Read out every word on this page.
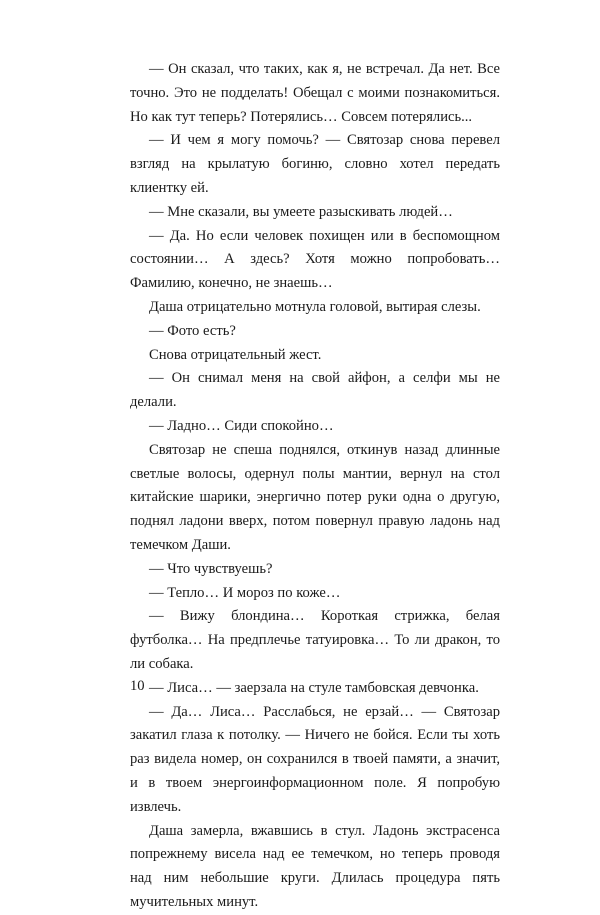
— Он сказал, что таких, как я, не встречал. Да нет. Все точно. Это не подделать! Обещал с моими познакомиться. Но как тут теперь? Потерялись… Совсем потерялись...

— И чем я могу помочь? — Святозар снова перевел взгляд на крылатую богиню, словно хотел передать клиентку ей.

— Мне сказали, вы умеете разыскивать людей…

— Да. Но если человек похищен или в беспомощном состоянии… А здесь? Хотя можно попробовать… Фамилию, конечно, не знаешь…

Даша отрицательно мотнула головой, вытирая слезы.

— Фото есть?

Снова отрицательный жест.

— Он снимал меня на свой айфон, а селфи мы не делали.

— Ладно… Сиди спокойно…

Святозар не спеша поднялся, откинув назад длинные светлые волосы, одернул полы мантии, вернул на стол китайские шарики, энергично потер руки одна о другую, поднял ладони вверх, потом повернул правую ладонь над темечком Даши.

— Что чувствуешь?

— Тепло… И мороз по коже…

— Вижу блондина… Короткая стрижка, белая футболка… На предплечье татуировка… То ли дракон, то ли собака.

— Лиса… — заерзала на стуле тамбовская девчонка.

— Да… Лиса… Расслабься, не ерзай… — Святозар закатил глаза к потолку. — Ничего не бойся. Если ты хоть раз видела номер, он сохранился в твоей памяти, а значит, и в твоем энергоинформационном поле. Я попробую извлечь.

Даша замерла, вжавшись в стул. Ладонь экстрасенса попрежнему висела над ее темечком, но теперь проводя над ним небольшие круги. Длилась процедура пять мучительных минут.

10
